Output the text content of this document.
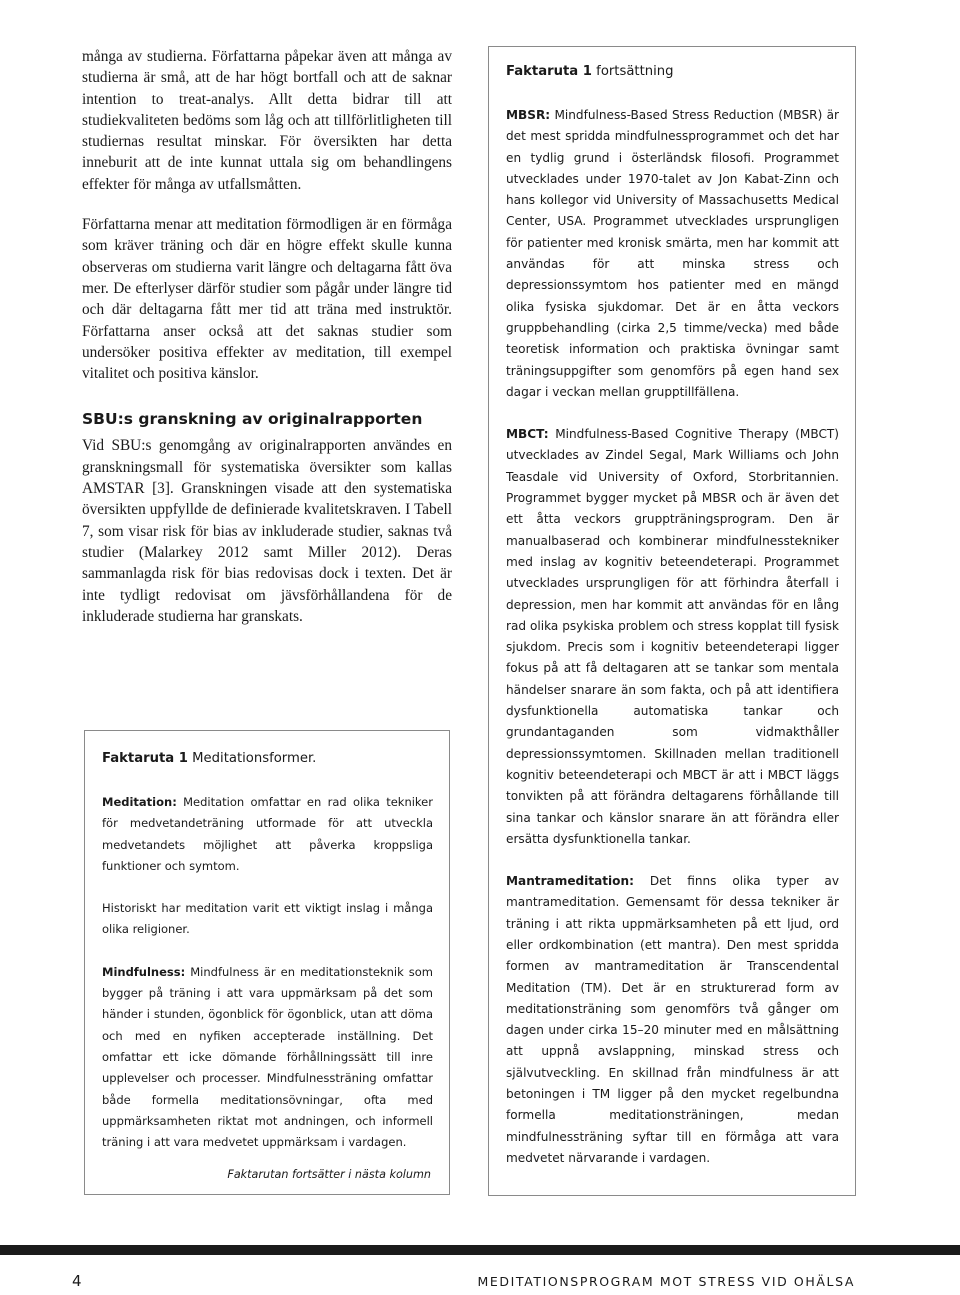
många av studierna. Författarna påpekar även att många av studierna är små, att de har högt bortfall och att de saknar intention to treat-analys. Allt detta bidrar till att studiekvaliteten bedöms som låg och att tillförlitligheten till studiernas resultat minskar. För översikten har detta inneburit att de inte kunnat uttala sig om behandlingens effekter för många av utfallsmåtten.

Författarna menar att meditation förmodligen är en förmåga som kräver träning och där en högre effekt skulle kunna observeras om studierna varit längre och deltagarna fått öva mer. De efterlyser därför studier som pågår under längre tid och där deltagarna fått mer tid att träna med instruktör. Författarna anser också att det saknas studier som undersöker positiva effekter av meditation, till exempel vitalitet och positiva känslor.

SBU:s granskning av originalrapporten

Vid SBU:s genomgång av originalrapporten användes en granskningsmall för systematiska översikter som kallas AMSTAR [3]. Granskningen visade att den systematiska översikten uppfyllde de definierade kvalitetskraven. I Tabell 7, som visar risk för bias av inkluderade studier, saknas två studier (Malarkey 2012 samt Miller 2012). Deras sammanlagda risk för bias redovisas dock i texten. Det är inte tydligt redovisat om jävsförhållandena för de inkluderade studierna har granskats.

Faktaruta 1 Meditationsformer.

Meditation: Meditation omfattar en rad olika tekniker för medvetandeträning utformade för att utveckla medvetandets möjlighet att påverka kroppsliga funktioner och symtom.

Historiskt har meditation varit ett viktigt inslag i många olika religioner.

Mindfulness: Mindfulness är en meditationsteknik som bygger på träning i att vara uppmärksam på det som händer i stunden, ögonblick för ögonblick, utan att döma och med en nyfiken accepterade inställning. Det omfattar ett icke dömande förhållningssätt till inre upplevelser och processer. Mindfulnessträning omfattar både formella meditationsövningar, ofta med uppmärksamheten riktat mot andningen, och informell träning i att vara medvetet uppmärksam i vardagen.

Faktarutan fortsätter i nästa kolumn

Faktaruta 1 fortsättning

MBSR: Mindfulness-Based Stress Reduction (MBSR) är det mest spridda mindfulnessprogrammet och det har en tydlig grund i österländsk filosofi. Programmet utvecklades under 1970-talet av Jon Kabat-Zinn och hans kollegor vid University of Massachusetts Medical Center, USA. Programmet utvecklades ursprungligen för patienter med kronisk smärta, men har kommit att användas för att minska stress och depressionssymtom hos patienter med en mängd olika fysiska sjukdomar. Det är en åtta veckors gruppbehandling (cirka 2,5 timme/vecka) med både teoretisk information och praktiska övningar samt träningsuppgifter som genomförs på egen hand sex dagar i veckan mellan grupptillfällena.

MBCT: Mindfulness-Based Cognitive Therapy (MBCT) utvecklades av Zindel Segal, Mark Williams och John Teasdale vid University of Oxford, Storbritannien. Programmet bygger mycket på MBSR och är även det ett åtta veckors gruppträningsprogram. Den är manualbaserad och kombinerar mindfulnesstekniker med inslag av kognitiv beteendeterapi. Programmet utvecklades ursprungligen för att förhindra återfall i depression, men har kommit att användas för en lång rad olika psykiska problem och stress kopplat till fysisk sjukdom. Precis som i kognitiv beteendeterapi ligger fokus på att få deltagaren att se tankar som mentala händelser snarare än som fakta, och på att identifiera dysfunktionella automatiska tankar och grundantaganden som vidmakthåller depressionssymtomen. Skillnaden mellan traditionell kognitiv beteendeterapi och MBCT är att i MBCT läggs tonvikten på att förändra deltagarens förhållande till sina tankar och känslor snarare än att förändra eller ersätta dysfunktionella tankar.

Mantrameditation: Det finns olika typer av mantrameditation. Gemensamt för dessa tekniker är träning i att rikta uppmärksamheten på ett ljud, ord eller ordkombination (ett mantra). Den mest spridda formen av mantrameditation är Transcendental Meditation (TM). Det är en strukturerad form av meditationsträning som genomförs två gånger om dagen under cirka 15–20 minuter med en målsättning att uppnå avslappning, minskad stress och självutveckling. En skillnad från mindfulness är att betoningen i TM ligger på den mycket regelbundna formella meditationsträningen, medan mindfulnessträning syftar till en förmåga att vara medvetet närvarande i vardagen.

4	MEDITATIONSPROGRAM MOT STRESS VID OHÄLSA
